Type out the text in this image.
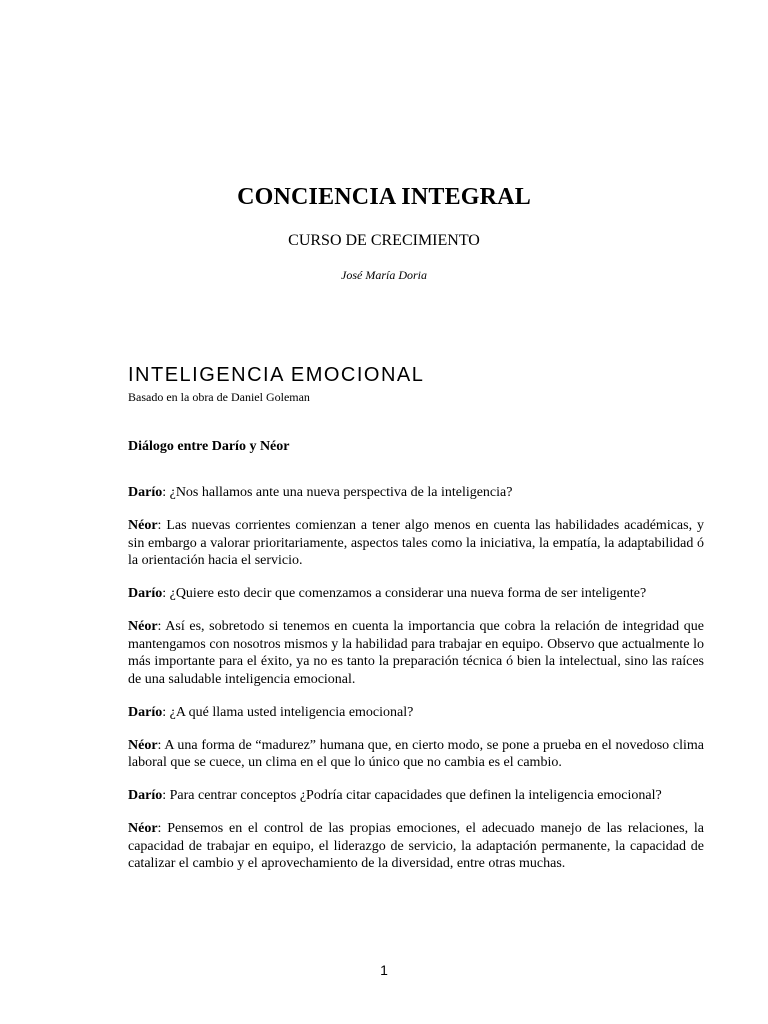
CONCIENCIA INTEGRAL
CURSO DE CRECIMIENTO
José María Doria
INTELIGENCIA EMOCIONAL
Basado en la obra de Daniel Goleman
Diálogo entre Darío y Néor

Darío: ¿Nos hallamos ante una nueva perspectiva de la inteligencia?

Néor: Las nuevas corrientes comienzan a tener algo menos en cuenta las habilidades académicas, y sin embargo a valorar prioritariamente, aspectos tales como la iniciativa, la empatía, la adaptabilidad ó la orientación hacia el servicio.

Darío: ¿Quiere esto decir que comenzamos a considerar una nueva forma de ser inteligente?

Néor: Así es, sobretodo si tenemos en cuenta la importancia que cobra la relación de integridad que mantengamos con nosotros mismos y la habilidad para trabajar en equipo. Observo que actualmente lo más importante para el éxito, ya no es tanto la preparación técnica ó bien la intelectual, sino las raíces de una saludable inteligencia emocional.

Darío: ¿A qué llama usted inteligencia emocional?

Néor: A una forma de “madurez” humana que, en cierto modo, se pone a prueba en el novedoso clima laboral que se cuece, un clima en el que lo único que no cambia es el cambio.

Darío: Para centrar conceptos ¿Podría citar capacidades que definen la inteligencia emocional?

Néor: Pensemos en el control de las propias emociones, el adecuado manejo de las relaciones, la capacidad de trabajar en equipo, el liderazgo de servicio, la adaptación permanente, la capacidad de catalizar el cambio y el aprovechamiento de la diversidad, entre otras muchas.

1
